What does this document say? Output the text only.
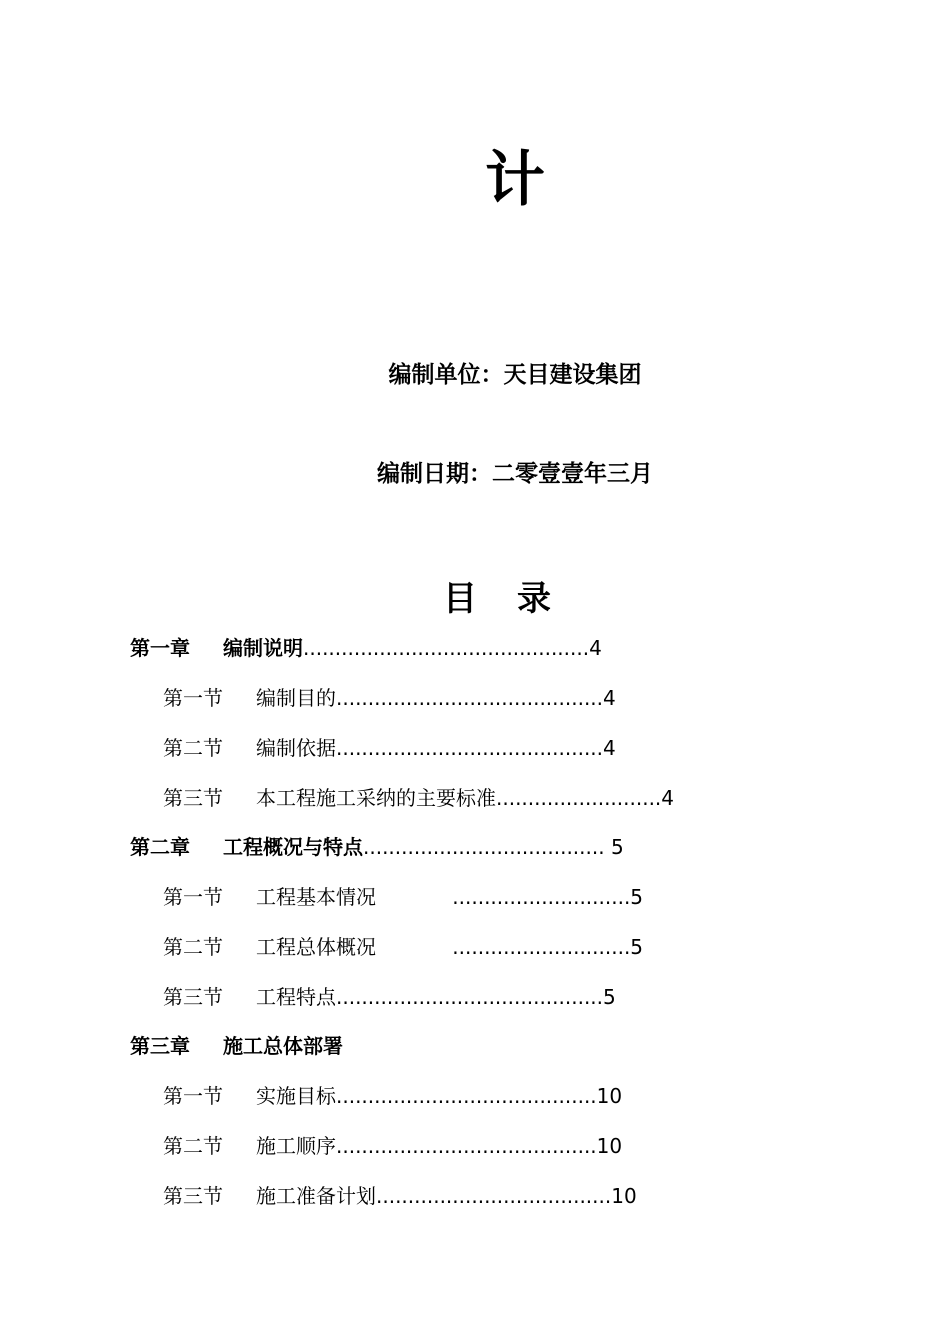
计
编制单位：天目建设集团
编制日期：二零壹壹年三月
目录
第一章 编制说明.............................................4
第一节 编制目的..........................................4
第二节 编制依据..........................................4
第三节 本工程施工采纳的主要标准..........................4
第二章 工程概况与特点...................................... 5
第一节 工程基本情况            ............................5
第二节 工程总体概况            ............................5
第三节 工程特点..........................................5
第三章 施工总体部署
第一节 实施目标.........................................10
第二节 施工顺序.........................................10
第三节 施工准备计划.....................................10
